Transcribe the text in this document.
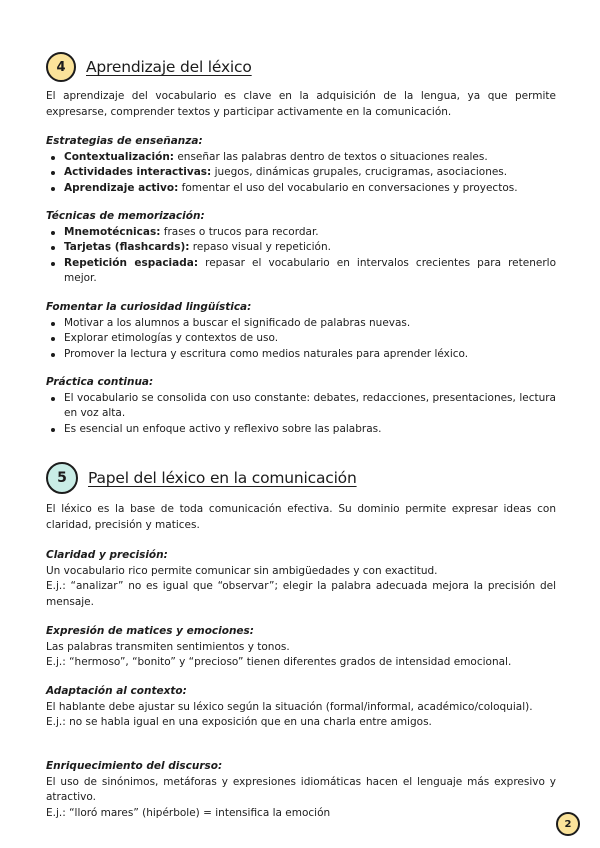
4	Aprendizaje del léxico
El aprendizaje del vocabulario es clave en la adquisición de la lengua, ya que permite expresarse, comprender textos y participar activamente en la comunicación.
Estrategias de enseñanza:
Contextualización: enseñar las palabras dentro de textos o situaciones reales.
Actividades interactivas: juegos, dinámicas grupales, crucigramas, asociaciones.
Aprendizaje activo: fomentar el uso del vocabulario en conversaciones y proyectos.
Técnicas de memorización:
Mnemotécnicas: frases o trucos para recordar.
Tarjetas (flashcards): repaso visual y repetición.
Repetición espaciada: repasar el vocabulario en intervalos crecientes para retenerlo mejor.
Fomentar la curiosidad lingüística:
Motivar a los alumnos a buscar el significado de palabras nuevas.
Explorar etimologías y contextos de uso.
Promover la lectura y escritura como medios naturales para aprender léxico.
Práctica continua:
El vocabulario se consolida con uso constante: debates, redacciones, presentaciones, lectura en voz alta.
Es esencial un enfoque activo y reflexivo sobre las palabras.
5	Papel del léxico en la comunicación
El léxico es la base de toda comunicación efectiva. Su dominio permite expresar ideas con claridad, precisión y matices.
Claridad y precisión:
Un vocabulario rico permite comunicar sin ambigüedades y con exactitud.
E.j.: “analizar” no es igual que “observar”; elegir la palabra adecuada mejora la precisión del mensaje.
Expresión de matices y emociones:
Las palabras transmiten sentimientos y tonos.
E.j.: “hermoso”, “bonito” y “precioso” tienen diferentes grados de intensidad emocional.
Adaptación al contexto:
El hablante debe ajustar su léxico según la situación (formal/informal, académico/coloquial).
E.j.: no se habla igual en una exposición que en una charla entre amigos.
Enriquecimiento del discurso:
El uso de sinónimos, metáforas y expresiones idiomáticas hacen el lenguaje más expresivo y atractivo.
E.j.: “lloró mares” (hipérbole) = intensifica la emoción
2
